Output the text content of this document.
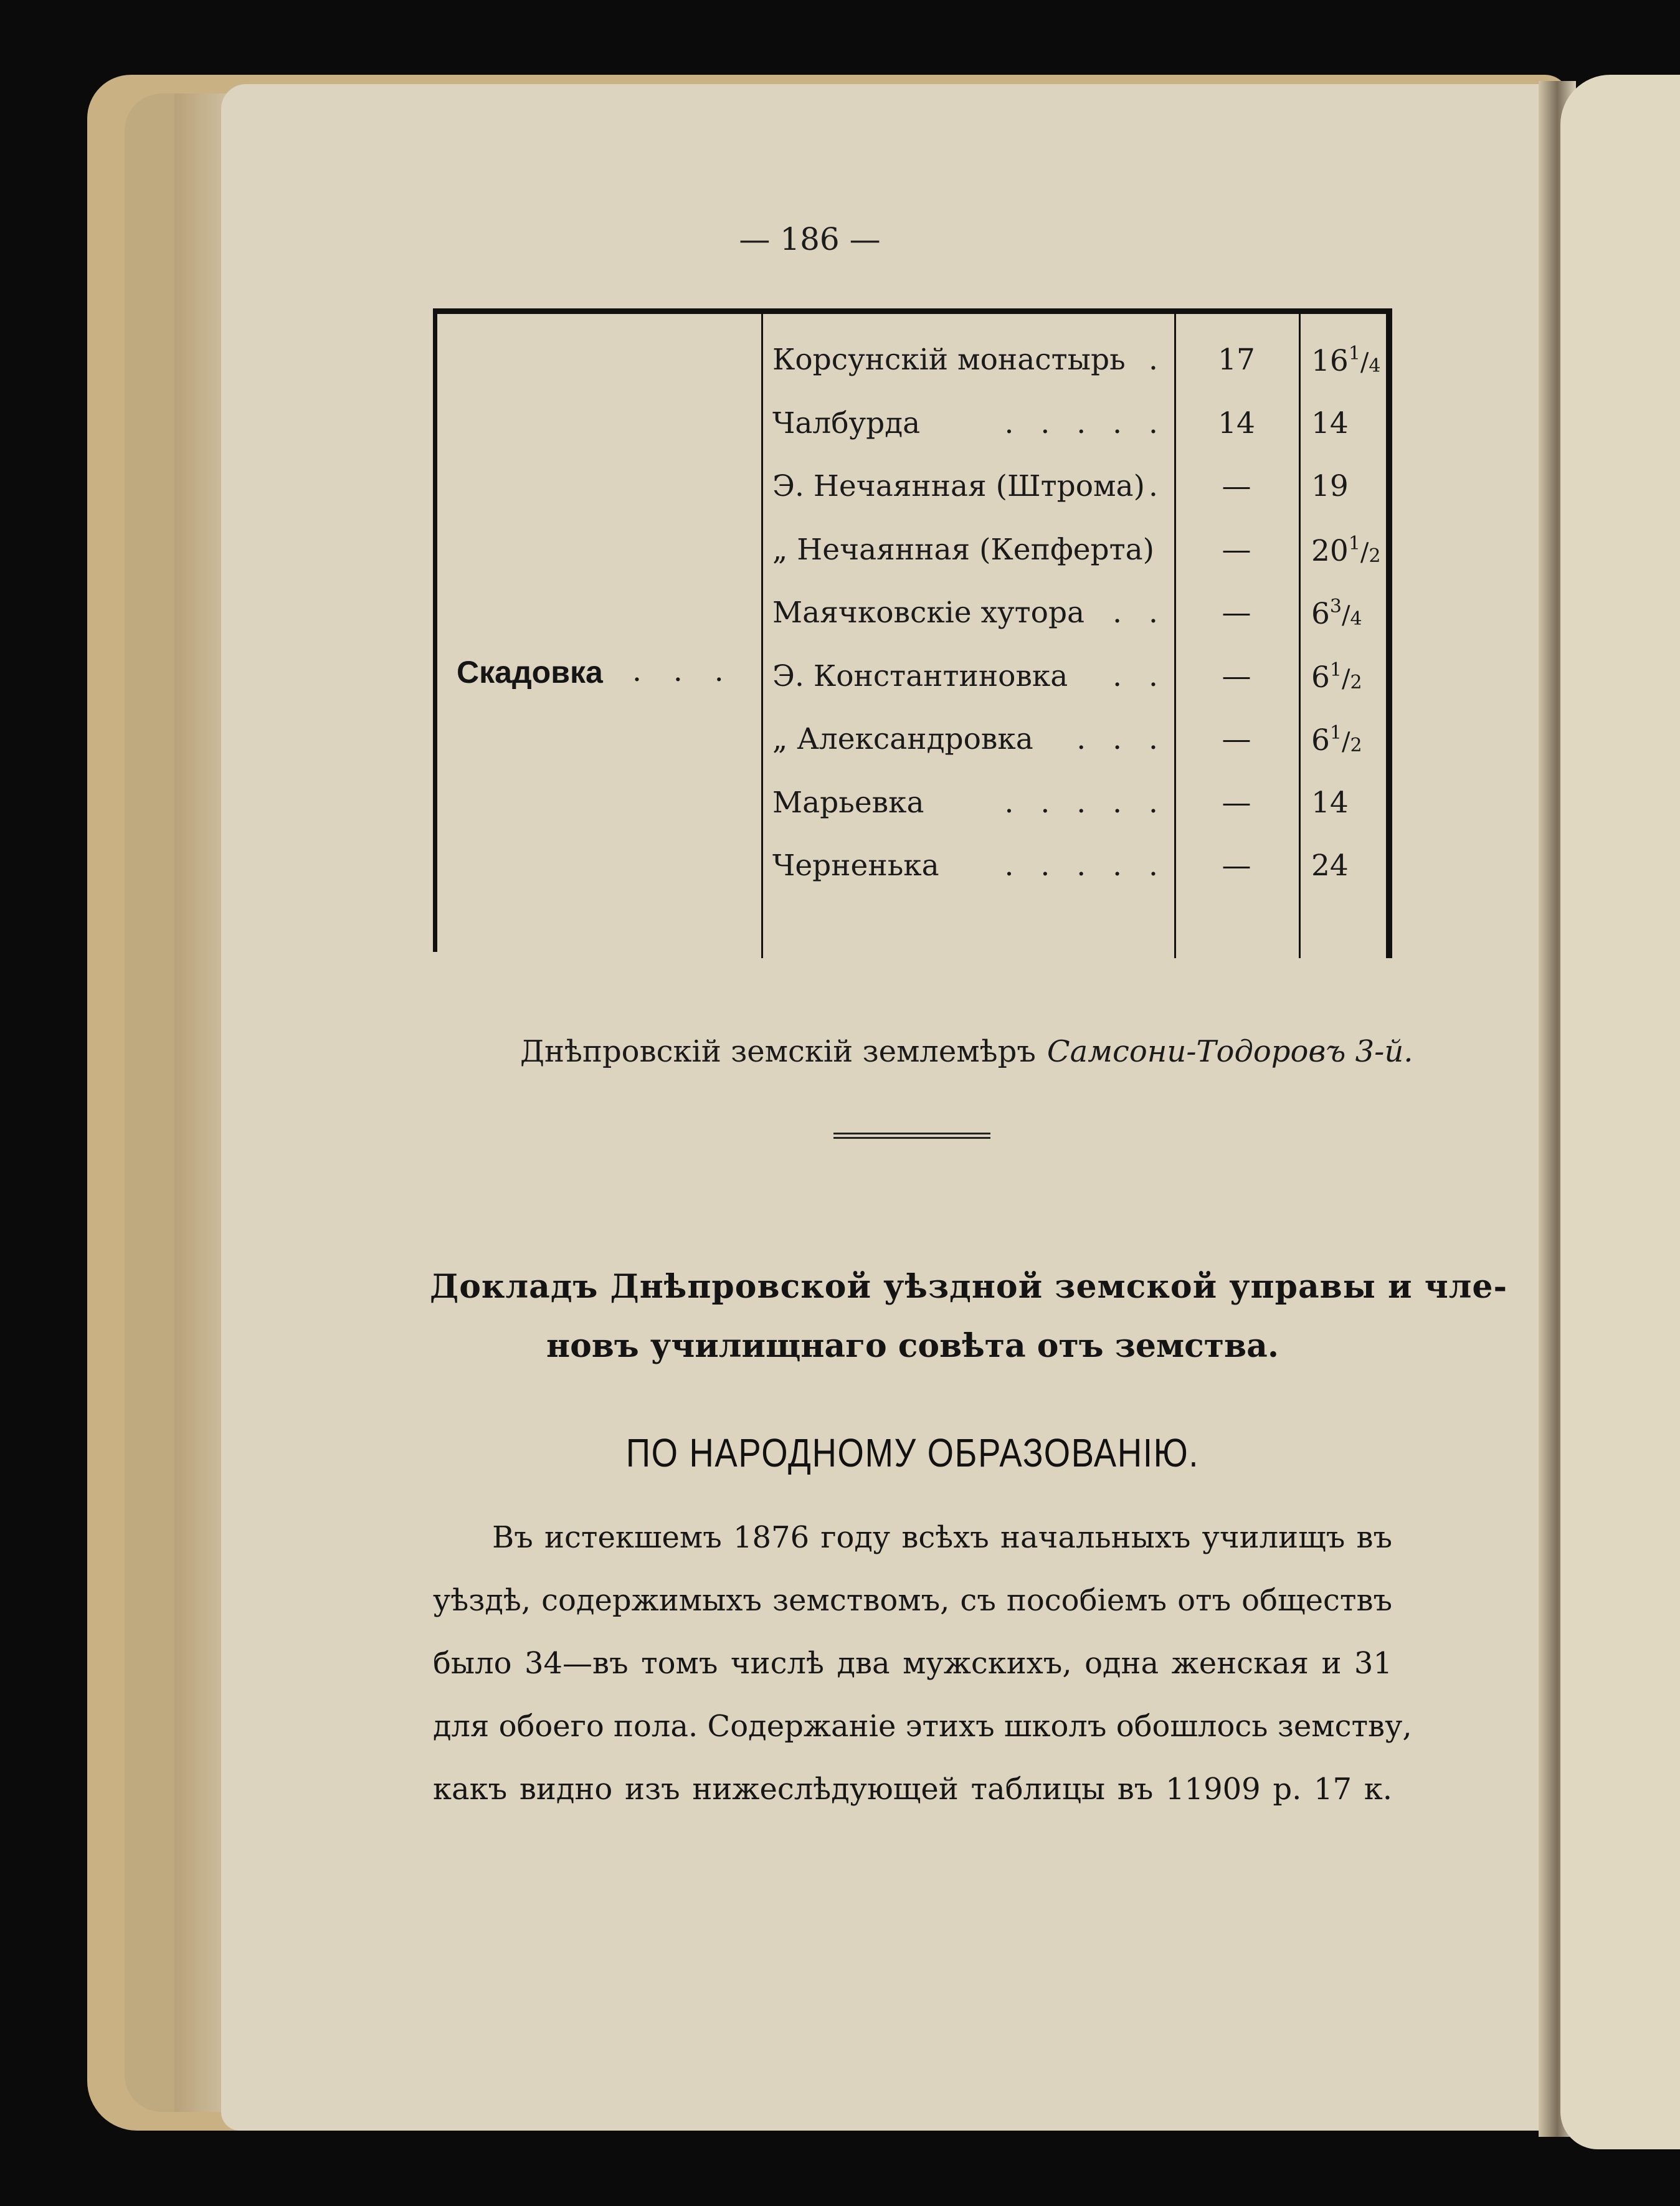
— 186 —
Скадовка . . .
Корсунскій монастырь .	17	$16^1/_4$
Чалбурда	. . . . .	14	14
Э. Нечаянная (Штрома) .	—	19
„ Нечаянная (Кепферта)	—	$20^1/_2$
Маячковскіе хутора . .	—	$6^3/_4$
Э. Константиновка . .	—	$6^1/_2$
„ Александровка . . .	—	$6^1/_2$
Марьевка	. . . . .	—	14
Черненька . . . . .	—	24
Днѣпровскій земскій землемѣръ Самсони-Тодоровъ 3-й.
Докладъ Днѣпровской уѣздной земской управы и чле-
новъ училищнаго совѣта отъ земства.
ПО НАРОДНОМУ ОБРАЗОВАНІЮ.
Въ истекшемъ 1876 году всѣхъ начальныхъ училищъ въ
уѣздѣ, содержимыхъ земствомъ, съ пособіемъ отъ обществъ
было 34—въ томъ числѣ два мужскихъ, одна женская и 31
для обоего пола. Содержаніе этихъ школъ обошлось земству,
какъ видно изъ нижеслѣдующей таблицы въ 11909 р. 17 к.
